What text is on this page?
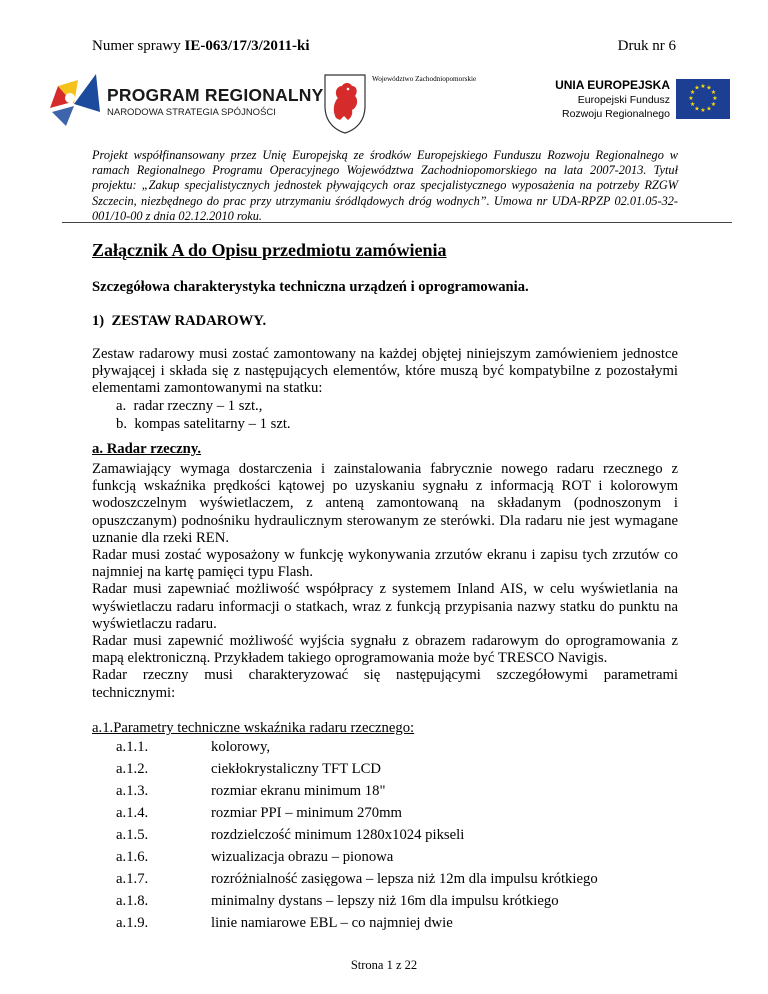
Numer sprawy IE-063/17/3/2011-ki	Druk nr 6
PROGRAM REGIONALNY
NARODOWA STRATEGIA SPÓJNOŚCI
Województwo Zachodniopomorskie	UNIA EUROPEJSKA
Europejski Fundusz
Rozwoju Regionalnego
★ ★
★
★
★
★
★
★
★
★
★
★
Projekt współfinansowany przez Unię Europejską ze środków Europejskiego Funduszu Rozwoju Regionalnego w ramach Regionalnego Programu Operacyjnego Województwa Zachodniopomorskiego na lata 2007-2013. Tytuł projektu: „Zakup specjalistycznych jednostek pływających oraz specjalistycznego wyposażenia na potrzeby RZGW Szczecin, niezbędnego do prac przy utrzymaniu śródlądowych dróg wodnych”. Umowa nr UDA-RPZP 02.01.05-32-001/10-00 z dnia 02.12.2010 roku.
Załącznik A do Opisu przedmiotu zamówienia
Szczegółowa charakterystyka techniczna urządzeń i oprogramowania.
1) ZESTAW RADAROWY.
Zestaw radarowy musi zostać zamontowany na każdej objętej niniejszym zamówieniem jednostce pływającej i składa się z następujących elementów, które muszą być kompatybilne z pozostałymi elementami zamontowanymi na statku:
a. radar rzeczny – 1 szt.,
b. kompas satelitarny – 1 szt.
a. Radar rzeczny.
Zamawiający wymaga dostarczenia i zainstalowania fabrycznie nowego radaru rzecznego z funkcją wskaźnika prędkości kątowej po uzyskaniu sygnału z informacją ROT i kolorowym wodoszczelnym wyświetlaczem, z anteną zamontowaną na składanym (podnoszonym i opuszczanym) podnośniku hydraulicznym sterowanym ze sterówki. Dla radaru nie jest wymagane uznanie dla rzeki REN.
Radar musi zostać wyposażony w funkcję wykonywania zrzutów ekranu i zapisu tych zrzutów co najmniej na kartę pamięci typu Flash.
Radar musi zapewniać możliwość współpracy z systemem Inland AIS, w celu wyświetlania na wyświetlaczu radaru informacji o statkach, wraz z funkcją przypisania nazwy statku do punktu na wyświetlaczu radaru.
Radar musi zapewnić możliwość wyjścia sygnału z obrazem radarowym do oprogramowania z mapą elektroniczną. Przykładem takiego oprogramowania może być TRESCO Navigis.
Radar rzeczny musi charakteryzować się następującymi szczegółowymi parametrami technicznymi:
a.1.Parametry techniczne wskaźnika radaru rzecznego:
a.1.1.	kolorowy,
a.1.2.	ciekłokrystaliczny TFT LCD
a.1.3.	rozmiar ekranu minimum 18"
a.1.4.	rozmiar PPI – minimum 270mm
a.1.5.	rozdzielczość minimum 1280x1024 pikseli
a.1.6.	wizualizacja obrazu – pionowa
a.1.7.	rozróżnialność zasięgowa – lepsza niż 12m dla impulsu krótkiego
a.1.8.	minimalny dystans – lepszy niż 16m dla impulsu krótkiego
a.1.9.	linie namiarowe EBL – co najmniej dwie
Strona 1 z 22
